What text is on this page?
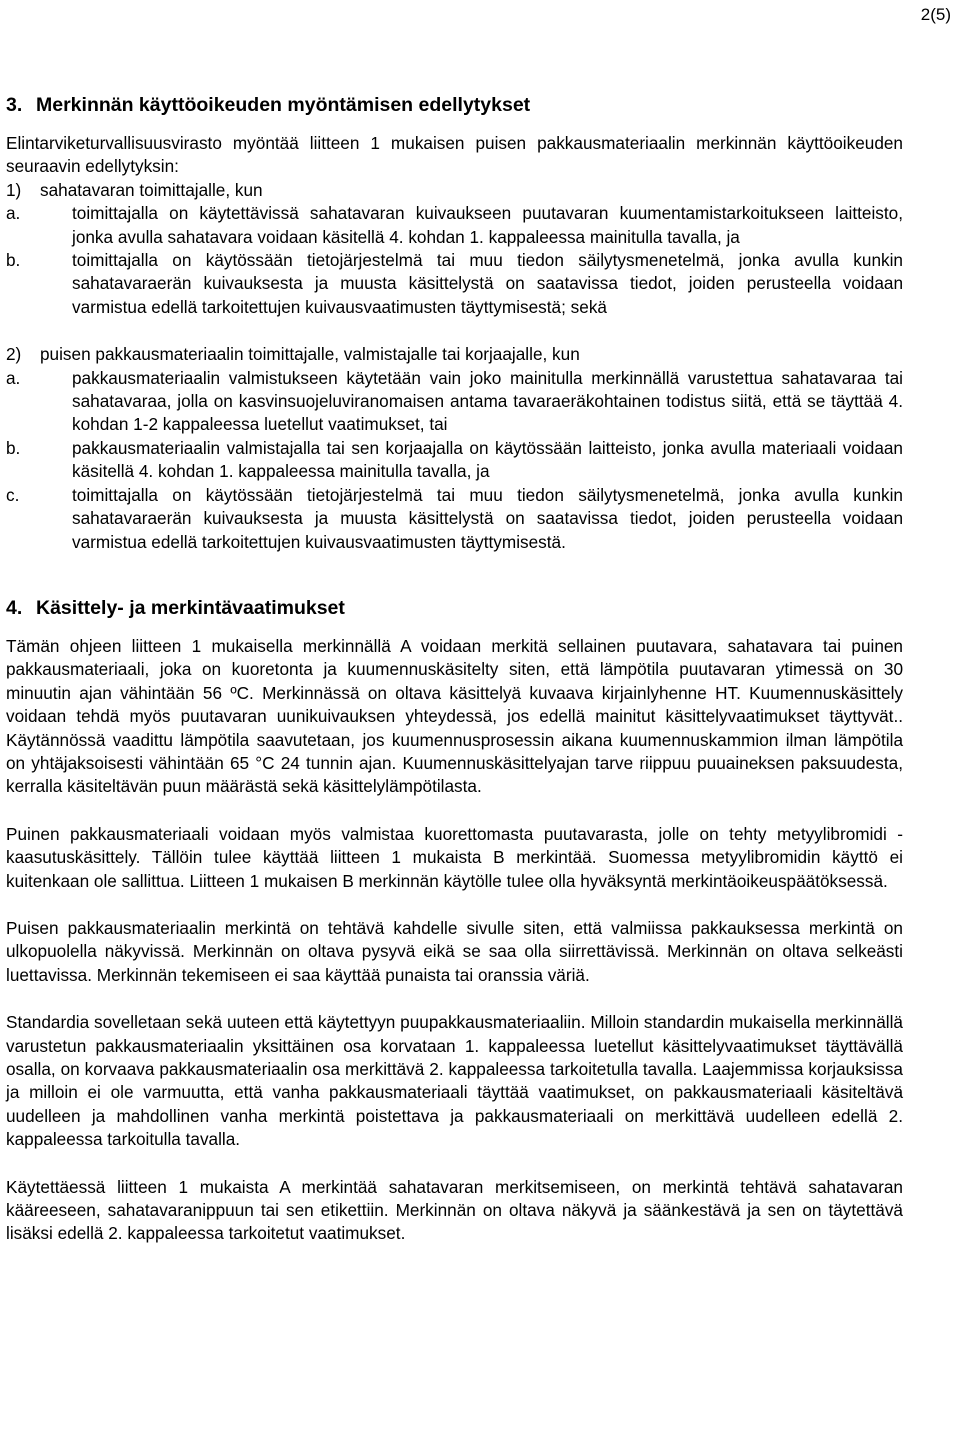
2(5)
3. Merkinnän käyttöoikeuden myöntämisen edellytykset

Elintarviketurvallisuusvirasto myöntää liitteen 1 mukaisen puisen pakkausmateriaalin merkinnän käyttöoikeuden seuraavin edellytyksin:

1)	sahatavaran toimittajalle, kun
a.	toimittajalla on käytettävissä sahatavaran kuivaukseen puutavaran kuumentamistarkoitukseen laitteisto, jonka avulla sahatavara voidaan käsitellä 4. kohdan 1. kappaleessa mainitulla tavalla, ja
b.	toimittajalla on käytössään tietojärjestelmä tai muu tiedon säilytysmenetelmä, jonka avulla kunkin sahatavaraerän kuivauksesta ja muusta käsittelystä on saatavissa tiedot, joiden perusteella voidaan varmistua edellä tarkoitettujen kuivausvaatimusten täyttymisestä; sekä
2)	puisen pakkausmateriaalin toimittajalle, valmistajalle tai korjaajalle, kun
a.	pakkausmateriaalin valmistukseen käytetään vain joko mainitulla merkinnällä varustettua sahatavaraa tai sahatavaraa, jolla on kasvinsuojeluviranomaisen antama tavaraeräkohtainen todistus siitä, että se täyttää 4. kohdan 1-2 kappaleessa luetellut vaatimukset, tai
b.	pakkausmateriaalin valmistajalla tai sen korjaajalla on käytössään laitteisto, jonka avulla materiaali voidaan käsitellä 4. kohdan 1. kappaleessa mainitulla tavalla, ja
c.	toimittajalla on käytössään tietojärjestelmä tai muu tiedon säilytysmenetelmä, jonka avulla kunkin sahatavaraerän kuivauksesta ja muusta käsittelystä on saatavissa tiedot, joiden perusteella voidaan varmistua edellä tarkoitettujen kuivausvaatimusten täyttymisestä.
4. Käsittely- ja merkintävaatimukset

Tämän ohjeen liitteen 1 mukaisella merkinnällä A voidaan merkitä sellainen puutavara, sahatavara tai puinen pakkausmateriaali, joka on kuoretonta ja kuumennuskäsitelty siten, että lämpötila puutavaran ytimessä on 30 minuutin ajan vähintään 56 ºC. Merkinnässä on oltava käsittelyä kuvaava kirjainlyhenne HT. Kuumennuskäsittely voidaan tehdä myös puutavaran uunikuivauksen yhteydessä, jos edellä mainitut käsittelyvaatimukset täyttyvät.. Käytännössä vaadittu lämpötila saavutetaan, jos kuumennusprosessin aikana kuumennuskammion ilman lämpötila on yhtäjaksoisesti vähintään 65 °C 24 tunnin ajan. Kuumennuskäsittelyajan tarve riippuu puuaineksen paksuudesta, kerralla käsiteltävän puun määrästä sekä käsittelylämpötilasta.

Puinen pakkausmateriaali voidaan myös valmistaa kuorettomasta puutavarasta, jolle on tehty metyylibromidi -kaasutuskäsittely. Tällöin tulee käyttää liitteen 1 mukaista B merkintää. Suomessa metyylibromidin käyttö ei kuitenkaan ole sallittua. Liitteen 1 mukaisen B merkinnän käytölle tulee olla hyväksyntä merkintäoikeuspäätöksessä.

Puisen pakkausmateriaalin merkintä on tehtävä kahdelle sivulle siten, että valmiissa pakkauksessa merkintä on ulkopuolella näkyvissä. Merkinnän on oltava pysyvä eikä se saa olla siirrettävissä. Merkinnän on oltava selkeästi luettavissa. Merkinnän tekemiseen ei saa käyttää punaista tai oranssia väriä.

Standardia sovelletaan sekä uuteen että käytettyyn puupakkausmateriaaliin. Milloin standardin mukaisella merkinnällä varustetun pakkausmateriaalin yksittäinen osa korvataan 1. kappaleessa luetellut käsittelyvaatimukset täyttävällä osalla, on korvaava pakkausmateriaalin osa merkittävä 2. kappaleessa tarkoitetulla tavalla. Laajemmissa korjauksissa ja milloin ei ole varmuutta, että vanha pakkausmateriaali täyttää vaatimukset, on pakkausmateriaali käsiteltävä uudelleen ja mahdollinen vanha merkintä poistettava ja pakkausmateriaali on merkittävä uudelleen edellä 2. kappaleessa tarkoitulla tavalla.

Käytettäessä liitteen 1 mukaista A merkintää sahatavaran merkitsemiseen, on merkintä tehtävä sahatavaran kääreeseen, sahatavaranippuun tai sen etikettiin. Merkinnän on oltava näkyvä ja säänkestävä ja sen on täytettävä lisäksi edellä 2. kappaleessa tarkoitetut vaatimukset.
